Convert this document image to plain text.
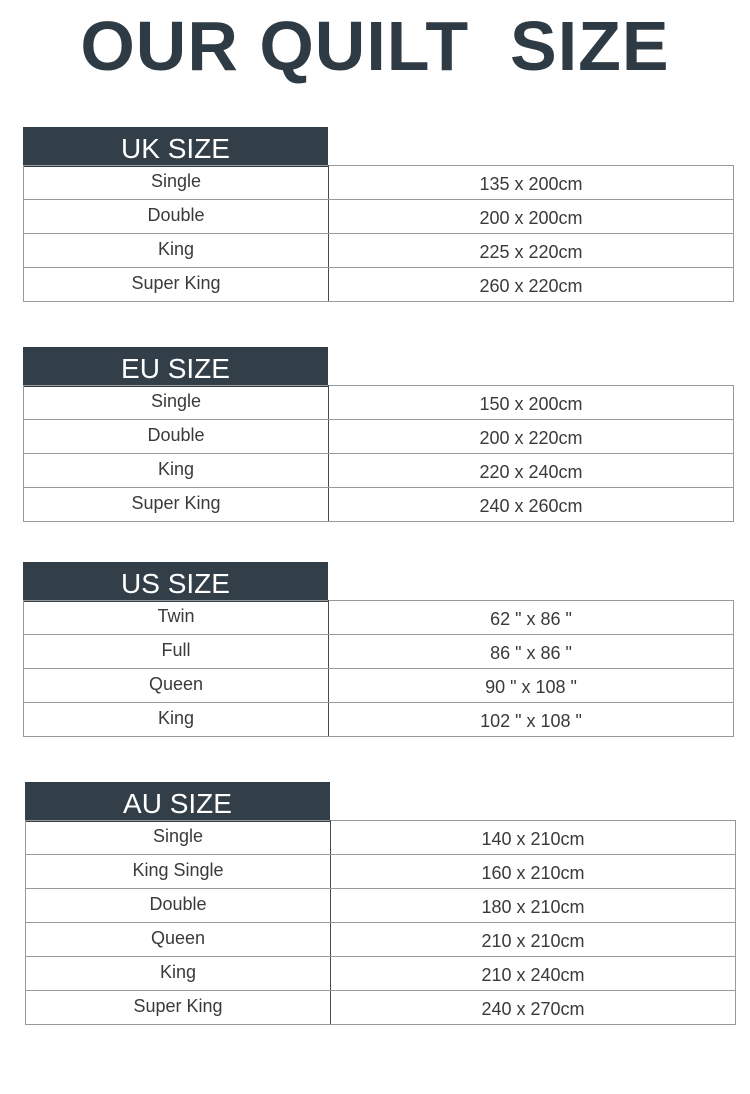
OUR QUILT  SIZE
UK SIZE
Single	135 x 200cm
Double	200 x 200cm
King	225 x 220cm
Super King	260 x 220cm
EU SIZE
Single	150 x 200cm
Double	200 x 220cm
King	220 x 240cm
Super King	240 x 260cm
US SIZE
Twin	62 " x 86 "
Full	86 " x 86 "
Queen	90 " x 108 "
King	102 " x 108 "
AU SIZE
Single	140 x 210cm
King Single	160 x 210cm
Double	180 x 210cm
Queen	210 x 210cm
King	210 x 240cm
Super King	240 x 270cm
